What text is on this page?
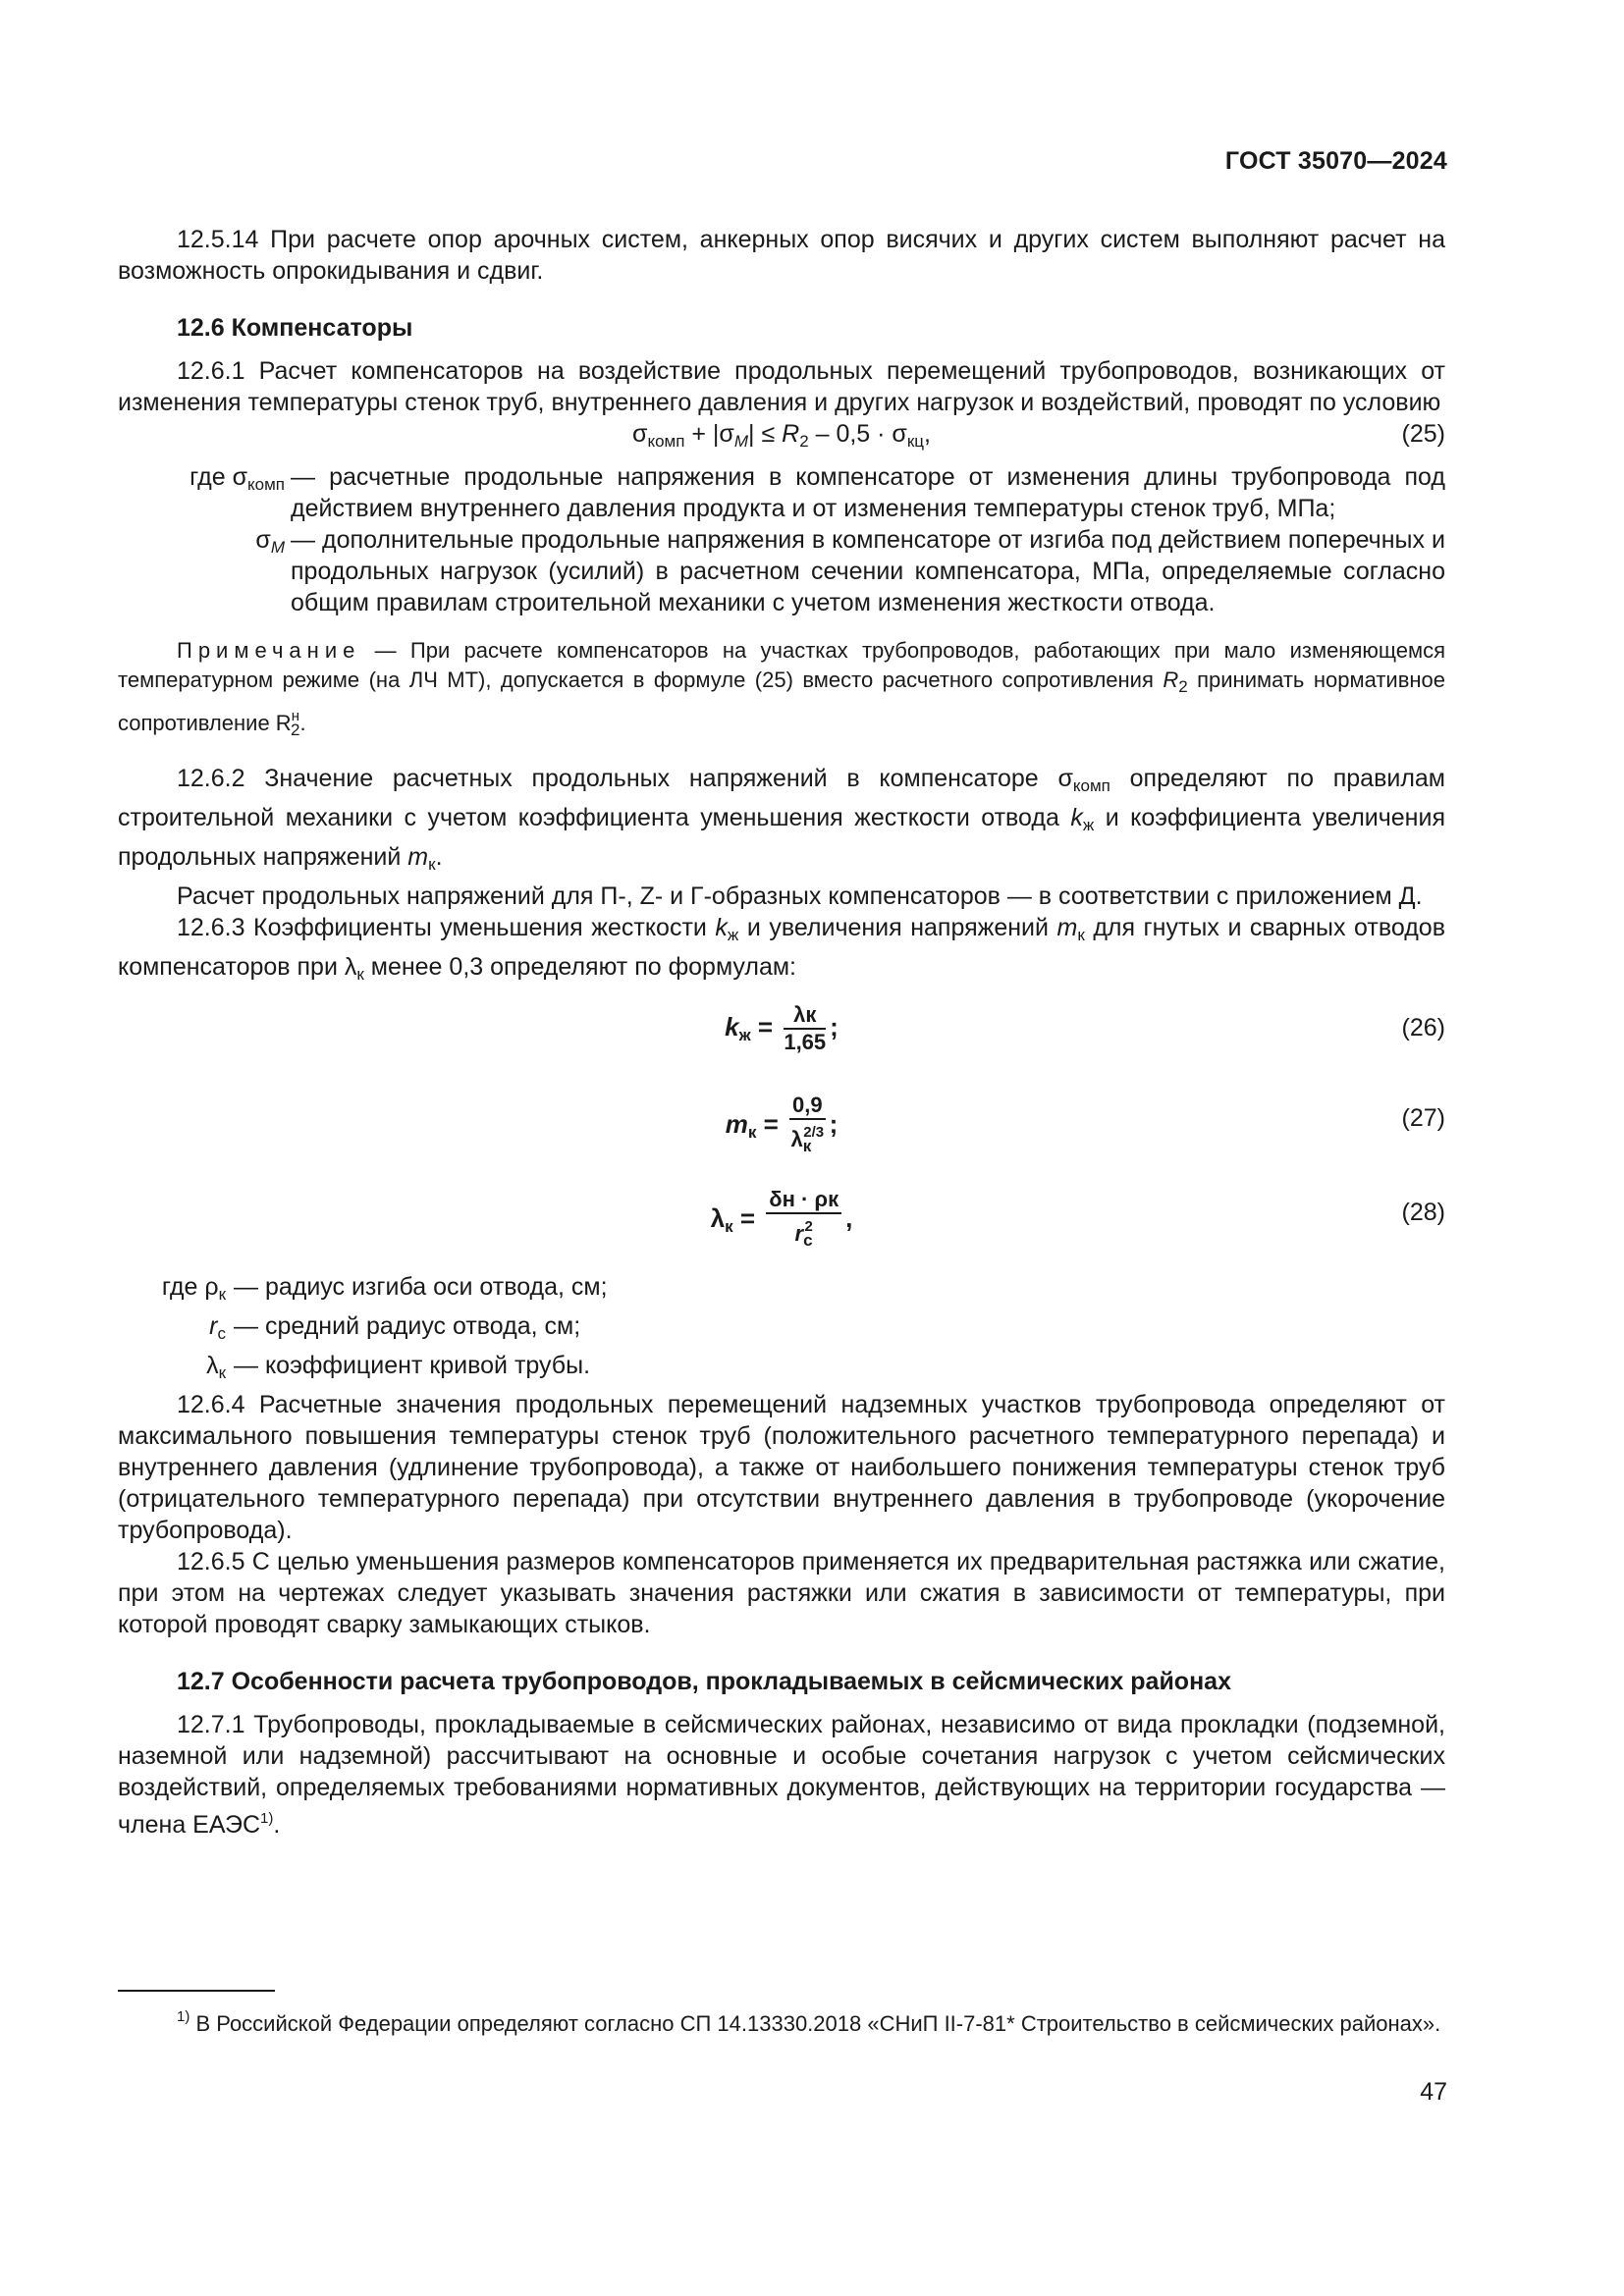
ГОСТ 35070—2024

12.5.14 При расчете опор арочных систем, анкерных опор висячих и других систем выполняют расчет на возможность опрокидывания и сдвиг.

12.6 Компенсаторы

12.6.1 Расчет компенсаторов на воздействие продольных перемещений трубопроводов, возникающих от изменения температуры стенок труб, внутреннего давления и других нагрузок и воздействий, проводят по условию

$\sigma_{комп} + |\sigma_M| \le R_2 - 0,5 \cdot \sigma_{кц}$,	(25)
где $\sigma_{комп}$ — расчетные продольные напряжения в компенсаторе от изменения длины трубопровода под действием внутреннего давления продукта и от изменения температуры стенок труб, МПа;
$\sigma_M$ — дополнительные продольные напряжения в компенсаторе от изгиба под действием поперечных и продольных нагрузок (усилий) в расчетном сечении компенсатора, МПа, определяемые согласно общим правилам строительной механики с учетом изменения жесткости отвода.

Примечание — При расчете компенсаторов на участках трубопроводов, работающих при мало изменяющемся температурном режиме (на ЛЧ МТ), допускается в формуле (25) вместо расчетного сопротивления $R_2$ принимать нормативное сопротивление $R^н_2$.

12.6.2 Значение расчетных продольных напряжений в компенсаторе $\sigma_{комп}$ определяют по правилам строительной механики с учетом коэффициента уменьшения жесткости отвода $k_ж$ и коэффициента увеличения продольных напряжений $m_к$.

Расчет продольных напряжений для П-, Z- и Г-образных компенсаторов — в соответствии с приложением Д.

12.6.3 Коэффициенты уменьшения жесткости $k_ж$ и увеличения напряжений $m_к$ для гнутых и сварных отводов компенсаторов при $\lambda_к$ менее 0,3 определяют по формулам:

$k_ж = \frac{\lambda к}{1,65}$ ;	(26)
$m_к = \frac{0,9}{\lambda_к^{2/3}}$ ;	(27)
$\lambda_к = \frac{\delta н \cdot \rho к}{r_с^2}$ ,	(28)
где $\rho_к$ — радиус изгиба оси отвода, см;
$r_с$ — средний радиус отвода, см;
$\lambda_к$ — коэффициент кривой трубы.

12.6.4 Расчетные значения продольных перемещений надземных участков трубопровода определяют от максимального повышения температуры стенок труб (положительного расчетного температурного перепада) и внутреннего давления (удлинение трубопровода), а также от наибольшего понижения температуры стенок труб (отрицательного температурного перепада) при отсутствии внутреннего давления в трубопроводе (укорочение трубопровода).

12.6.5 С целью уменьшения размеров компенсаторов применяется их предварительная растяжка или сжатие, при этом на чертежах следует указывать значения растяжки или сжатия в зависимости от температуры, при которой проводят сварку замыкающих стыков.

12.7 Особенности расчета трубопроводов, прокладываемых в сейсмических районах

12.7.1 Трубопроводы, прокладываемые в сейсмических районах, независимо от вида прокладки (подземной, наземной или надземной) рассчитывают на основные и особые сочетания нагрузок с учетом сейсмических воздействий, определяемых требованиями нормативных документов, действующих на территории государства — члена ЕАЭС$^{1)}$.

$^{1)}$ В Российской Федерации определяют согласно СП 14.13330.2018 «СНиП II-7-81* Строительство в сейсмических районах».

47
